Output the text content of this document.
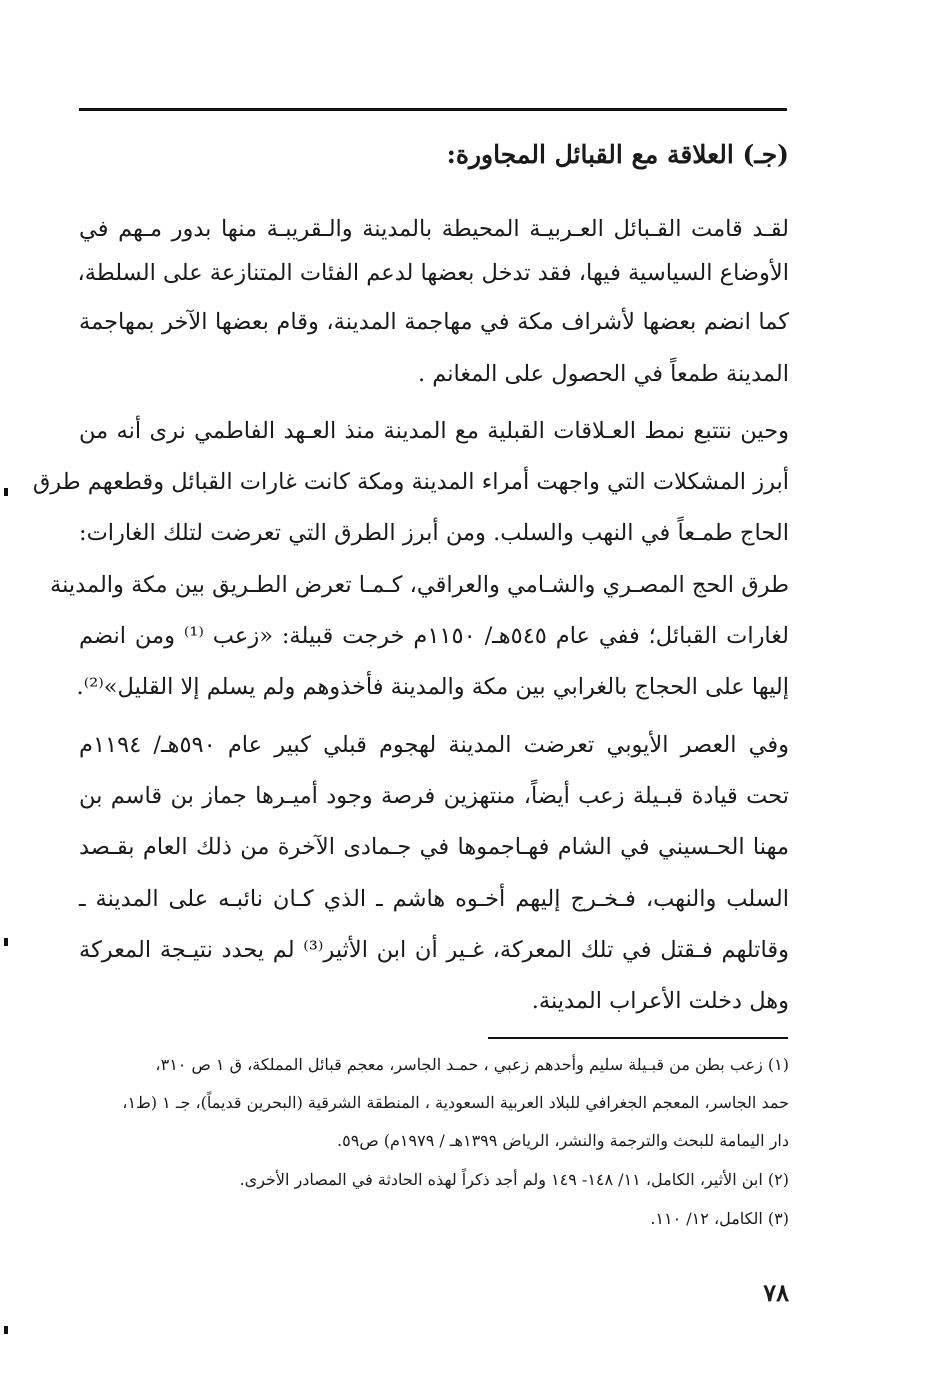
(جـ) العلاقة مع القبائل المجاورة:
لقـد قامت القـبائل العـربيـة المحيطة بالمدينة والـقريبـة منها بدور مـهم في
الأوضاع السياسية فيها، فقد تدخل بعضها لدعم الفئات المتنازعة على السلطة،
كما انضم بعضها لأشراف مكة في مهاجمة المدينة، وقام بعضها الآخر بمهاجمة
المدينة طمعاً في الحصول على المغانم .
وحين نتتبع نمط العـلاقات القبلية مع المدينة منذ العـهد الفاطمي نرى أنه من
أبرز المشكلات التي واجهت أمراء المدينة ومكة كانت غارات القبائل وقطعهم طرق
الحاج طمـعاً في النهب والسلب. ومن أبرز الطرق التي تعرضت لتلك الغارات:
طرق الحج المصـري والشـامي والعراقي، كـمـا تعرض الطـريق بين مكة والمدينة
لغارات القبائل؛ ففي عام ٥٤٥هـ/ ١١٥٠م خرجت قبيلة: «زعب ⁽¹⁾ ومن انضم
إليها على الحجاج بالغرابي بين مكة والمدينة فأخذوهم ولم يسلم إلا القليل»⁽²⁾.
وفي العصر الأيوبي تعرضت المدينة لهجوم قبلي كبير عام ٥٩٠هـ/ ١١٩٤م
تحت قيادة قبـيلة زعب أيضاً، منتهزين فرصة وجود أميـرها جماز بن قاسم بن
مهنا الحـسيني في الشام فهـاجموها في جـمادى الآخرة من ذلك العام بقـصد
السلب والنهب، فـخـرج إليهم أخـوه هاشم ـ الذي كـان نائبـه على المدينة ـ
وقاتلهم فـقتل في تلك المعركة، غـير أن ابن الأثير⁽³⁾ لم يحدد نتيـجة المعركة
وهل دخلت الأعراب المدينة.
(١) زعب بطن من قبـيلة سليم وأحدهم زعبي ، حمـد الجاسر، معجم قبائل المملكة، ق ١ ص ٣١٠،
حمد الجاسر، المعجم الجغرافي للبلاد العربية السعودية ، المنطقة الشرقية (البحرين قديماً)، جـ ١ (ط١،
دار اليمامة للبحث والترجمة والنشر، الرياض ١٣٩٩هـ / ١٩٧٩م) ص٥٩.
(٢) ابن الأثير، الكامل، ١١/ ١٤٨- ١٤٩ ولم أجد ذكراً لهذه الحادثة في المصادر الأخرى.
(٣) الكامل، ١٢/ ١١٠.
٧٨
